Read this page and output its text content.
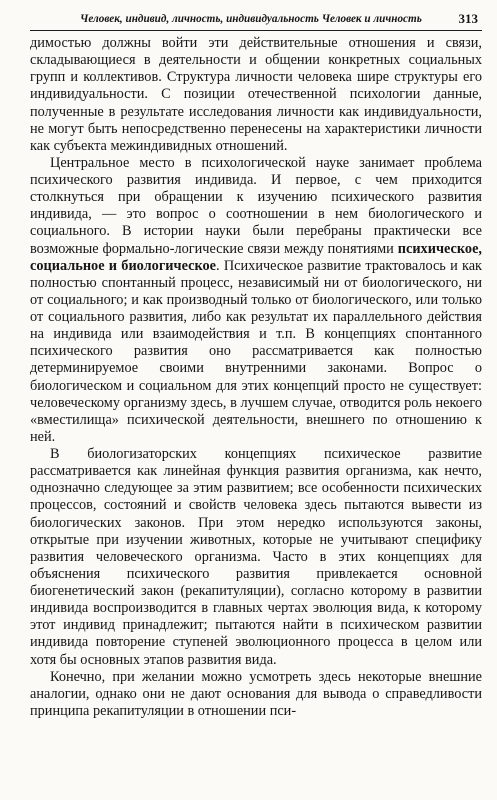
Человек, индивид, личность, индивидуальность Человек и личность	313

димостью должны войти эти действительные отношения и связи, складывающиеся в деятельности и общении конкретных социальных групп и коллективов. Структура личности человека шире структуры его индивидуальности. С позиции отечественной психологии данные, полученные в результате исследования личности как индивидуальности, не могут быть непосредственно перенесены на характеристики личности как субъекта межиндивидных отношений.

Центральное место в психологической науке занимает проблема психического развития индивида. И первое, с чем приходится столкнуться при обращении к изучению психического развития индивида, — это вопрос о соотношении в нем биологического и социального. В истории науки были перебраны практически все возможные формально-логические связи между понятиями психическое, социальное и биологическое. Психическое развитие трактовалось и как полностью спонтанный процесс, независимый ни от биологического, ни от социального; и как производный только от биологического, или только от социального развития, либо как результат их параллельного действия на индивида или взаимодействия и т.п. В концепциях спонтанного психического развития оно рассматривается как полностью детерминируемое своими внутренними законами. Вопрос о биологическом и социальном для этих концепций просто не существует: человеческому организму здесь, в лучшем случае, отводится роль некоего «вместилища» психической деятельности, внешнего по отношению к ней.

В биологизаторских концепциях психическое развитие рассматривается как линейная функция развития организма, как нечто, однозначно следующее за этим развитием; все особенности психических процессов, состояний и свойств человека здесь пытаются вывести из биологических законов. При этом нередко используются законы, открытые при изучении животных, которые не учитывают специфику развития человеческого организма. Часто в этих концепциях для объяснения психического развития привлекается основной биогенетический закон (рекапитуляции), согласно которому в развитии индивида воспроизводится в главных чертах эволюция вида, к которому этот индивид принадлежит; пытаются найти в психическом развитии индивида повторение ступеней эволюционного процесса в целом или хотя бы основных этапов развития вида.

Конечно, при желании можно усмотреть здесь некоторые внешние аналогии, однако они не дают основания для вывода о справедливости принципа рекапитуляции в отношении пси-
